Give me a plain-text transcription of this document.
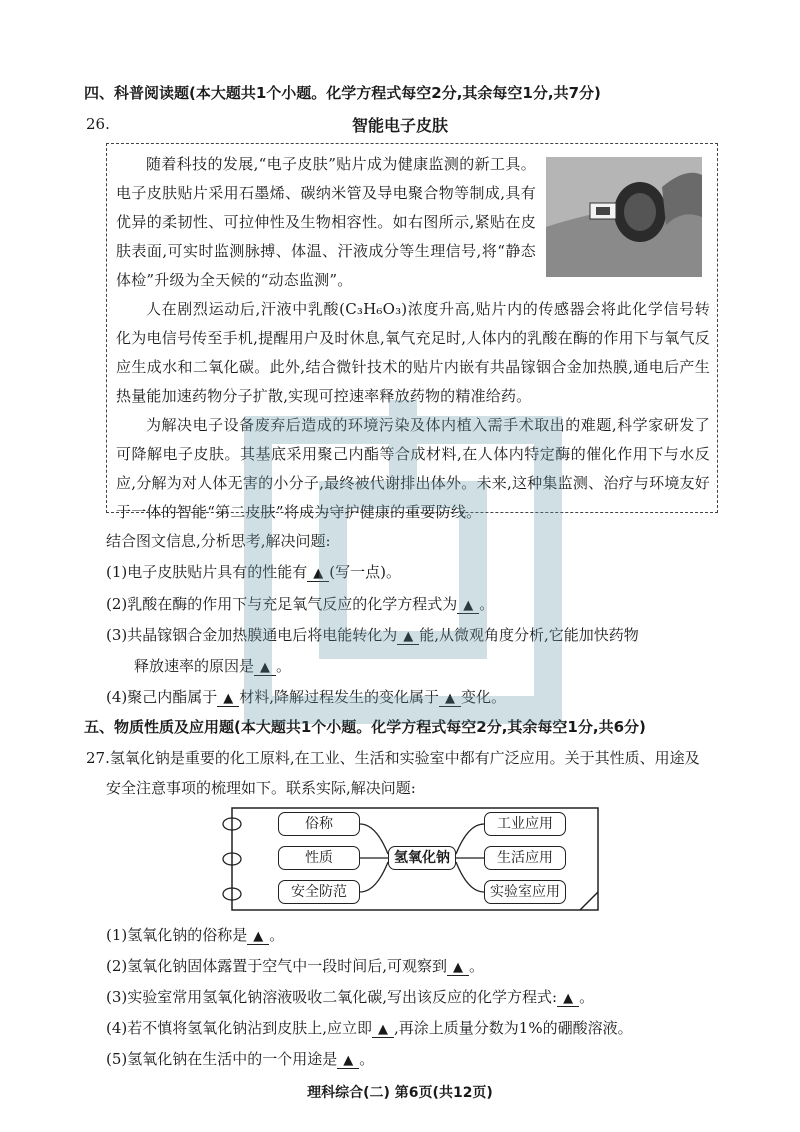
四、科普阅读题(本大题共1个小题。化学方程式每空2分,其余每空1分,共7分)
26.	智能电子皮肤

随着科技的发展,“电子皮肤”贴片成为健康监测的新工具。电子皮肤贴片采用石墨烯、碳纳米管及导电聚合物等制成,具有优异的柔韧性、可拉伸性及生物相容性。如右图所示,紧贴在皮肤表面,可实时监测脉搏、体温、汗液成分等生理信号,将“静态体检”升级为全天候的“动态监测”。

人在剧烈运动后,汗液中乳酸(C₃H₆O₃)浓度升高,贴片内的传感器会将此化学信号转化为电信号传至手机,提醒用户及时休息,氧气充足时,人体内的乳酸在酶的作用下与氧气反应生成水和二氧化碳。此外,结合微针技术的贴片内嵌有共晶镓铟合金加热膜,通电后产生热量能加速药物分子扩散,实现可控速率释放药物的精准给药。

为解决电子设备废弃后造成的环境污染及体内植入需手术取出的难题,科学家研发了可降解电子皮肤。其基底采用聚己内酯等合成材料,在人体内特定酶的催化作用下与水反应,分解为对人体无害的小分子,最终被代谢排出体外。未来,这种集监测、治疗与环境友好于一体的智能“第二皮肤”将成为守护健康的重要防线。

结合图文信息,分析思考,解决问题:
(1)电子皮肤贴片具有的性能有 ▲ (写一点)。
(2)乳酸在酶的作用下与充足氧气反应的化学方程式为 ▲ 。
(3)共晶镓铟合金加热膜通电后将电能转化为 ▲ 能,从微观角度分析,它能加快药物
释放速率的原因是 ▲ 。
(4)聚己内酯属于 ▲ 材料,降解过程发生的变化属于 ▲ 变化。
五、物质性质及应用题(本大题共1个小题。化学方程式每空2分,其余每空1分,共6分)
27.氢氧化钠是重要的化工原料,在工业、生活和实验室中都有广泛应用。关于其性质、用途及
安全注意事项的梳理如下。联系实际,解决问题:
俗称
性质
安全防范
氢氧化钠
工业应用
生活应用
实验室应用
(1)氢氧化钠的俗称是 ▲ 。
(2)氢氧化钠固体露置于空气中一段时间后,可观察到 ▲ 。
(3)实验室常用氢氧化钠溶液吸收二氧化碳,写出该反应的化学方程式: ▲ 。
(4)若不慎将氢氧化钠沾到皮肤上,应立即 ▲ ,再涂上质量分数为1%的硼酸溶液。
(5)氢氧化钠在生活中的一个用途是 ▲ 。
理科综合(二) 第6页(共12页)
